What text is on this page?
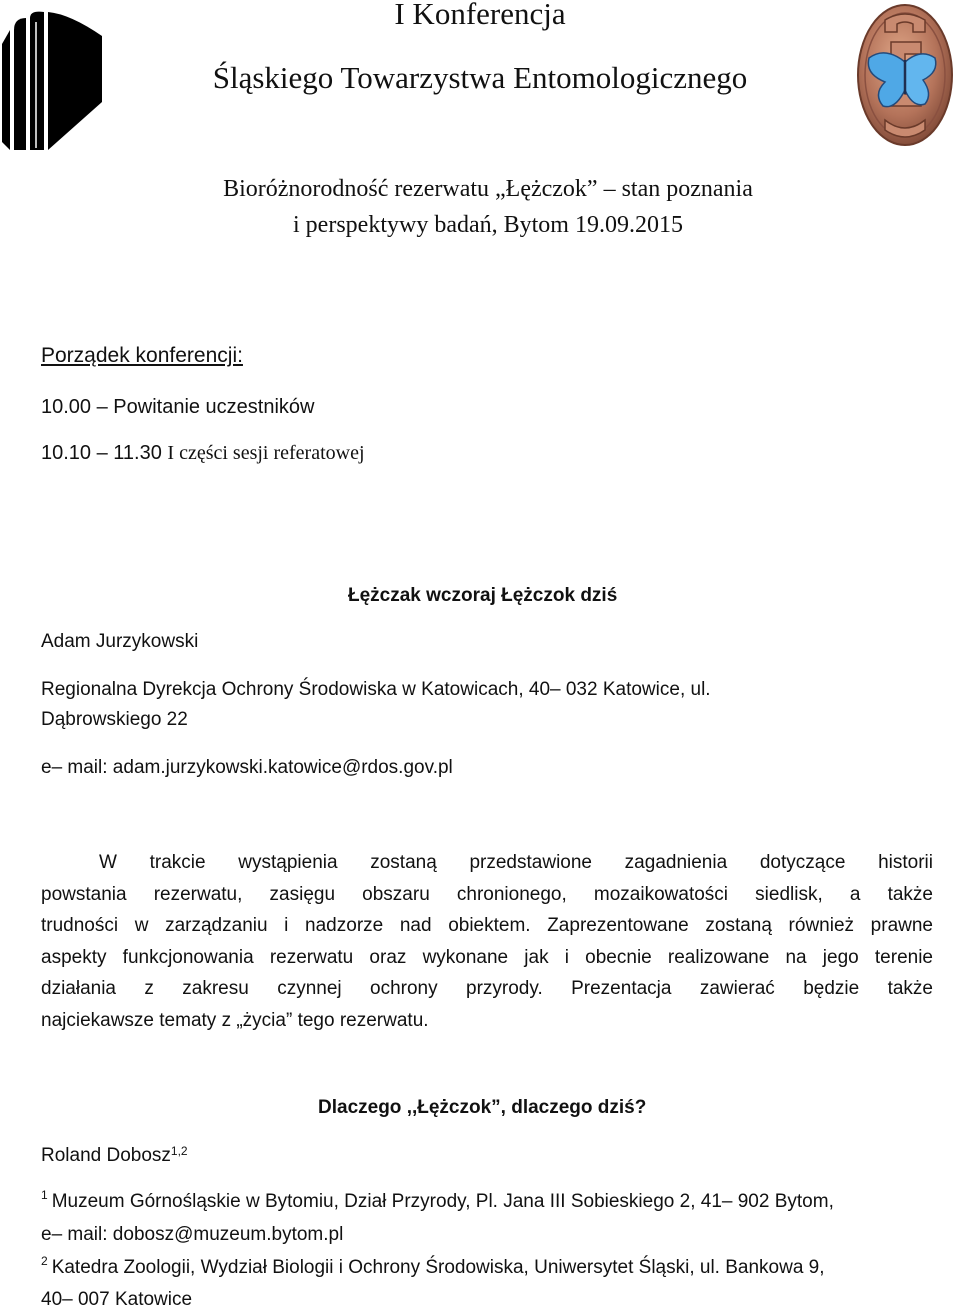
I Konferencja
Śląskiego Towarzystwa Entomologicznego
Bioróżnorodność rezerwatu „Łężczok” – stan poznania
i perspektywy badań, Bytom 19.09.2015
Porządek konferencji:
10.00 – Powitanie uczestników
10.10 – 11.30 I części sesji referatowej
Łężczak wczoraj Łężczok dziś
Adam Jurzykowski
Regionalna Dyrekcja Ochrony Środowiska w Katowicach, 40– 032 Katowice, ul.
Dąbrowskiego 22
e– mail: adam.jurzykowski.katowice@rdos.gov.pl
W trakcie wystąpienia zostaną przedstawione zagadnienia dotyczące historii
powstania rezerwatu, zasięgu obszaru chronionego, mozaikowatości siedlisk, a także
trudności w zarządzaniu i nadzorze nad obiektem. Zaprezentowane zostaną również prawne
aspekty funkcjonowania rezerwatu oraz wykonane jak i obecnie realizowane na jego terenie
działania z zakresu czynnej ochrony przyrody. Prezentacja zawierać będzie także
najciekawsze tematy z „życia” tego rezerwatu.
Dlaczego ,,Łężczok”, dlaczego dziś?
Roland Dobosz$^{1,2}$
$^1$ Muzeum Górnośląskie w Bytomiu, Dział Przyrody, Pl. Jana III Sobieskiego 2, 41– 902 Bytom,
e– mail: dobosz@muzeum.bytom.pl
$^2$ Katedra Zoologii, Wydział Biologii i Ochrony Środowiska, Uniwersytet Śląski, ul. Bankowa 9,
40– 007 Katowice
